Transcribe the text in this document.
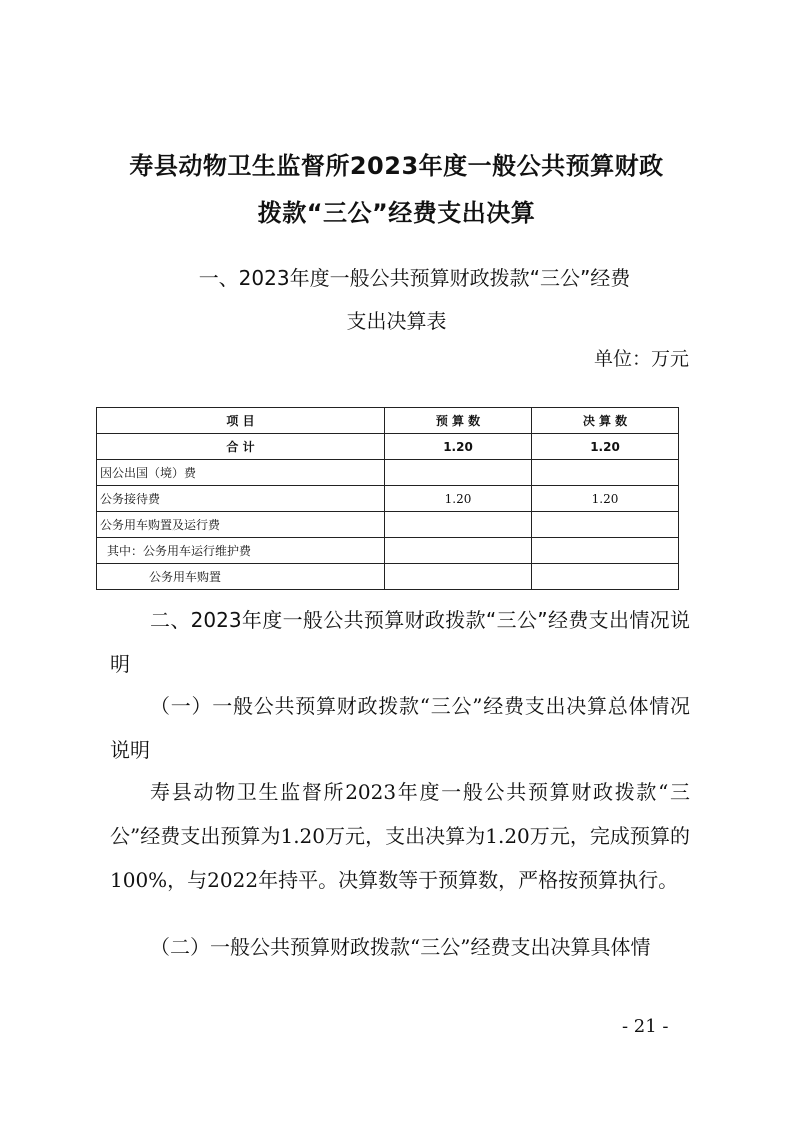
寿县动物卫生监督所2023年度一般公共预算财政
拨款“三公”经费支出决算
一、2023年度一般公共预算财政拨款“三公”经费
支出决算表
单位：万元
项 目	预 算 数	决 算 数
合 计	1.20	1.20
因公出国（境）费		
公务接待费	1.20	1.20
公务用车购置及运行费		
其中：公务用车运行维护费		
公务用车购置		
二、2023年度一般公共预算财政拨款“三公”经费支出情况说明
（一）一般公共预算财政拨款“三公”经费支出决算总体情况说明
寿县动物卫生监督所2023年度一般公共预算财政拨款“三公”经费支出预算为1.20万元，支出决算为1.20万元，完成预算的100%，与2022年持平。决算数等于预算数，严格按预算执行。
（二）一般公共预算财政拨款“三公”经费支出决算具体情
- 21 -
